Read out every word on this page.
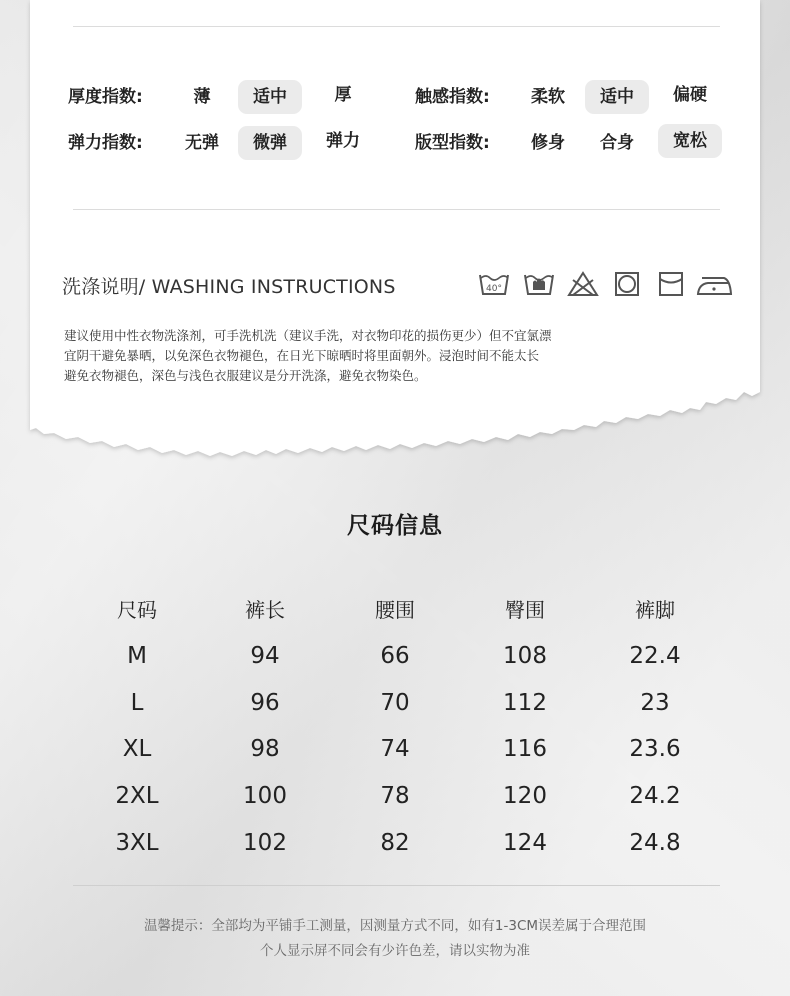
厚度指数:	薄	适中	厚	触感指数:	柔软	适中	偏硬
弹力指数:	无弹	微弹	弹力	版型指数:	修身	合身	宽松
洗涤说明/ WASHING INSTRUCTIONS	40°
建议使用中性衣物洗涤剂，可手洗机洗（建议手洗，对衣物印花的损伤更少）但不宜氯漂
宜阴干避免暴晒，以免深色衣物褪色，在日光下晾晒时将里面朝外。浸泡时间不能太长
避免衣物褪色，深色与浅色衣服建议是分开洗涤，避免衣物染色。
尺码信息
尺码	裤长	腰围	臀围	裤脚
M	94	66	108	22.4
L	96	70	112	23
XL	98	74	116	23.6
2XL	100	78	120	24.2
3XL	102	82	124	24.8
温馨提示：全部均为平铺手工测量，因测量方式不同，如有1-3CM误差属于合理范围
个人显示屏不同会有少许色差，请以实物为准
